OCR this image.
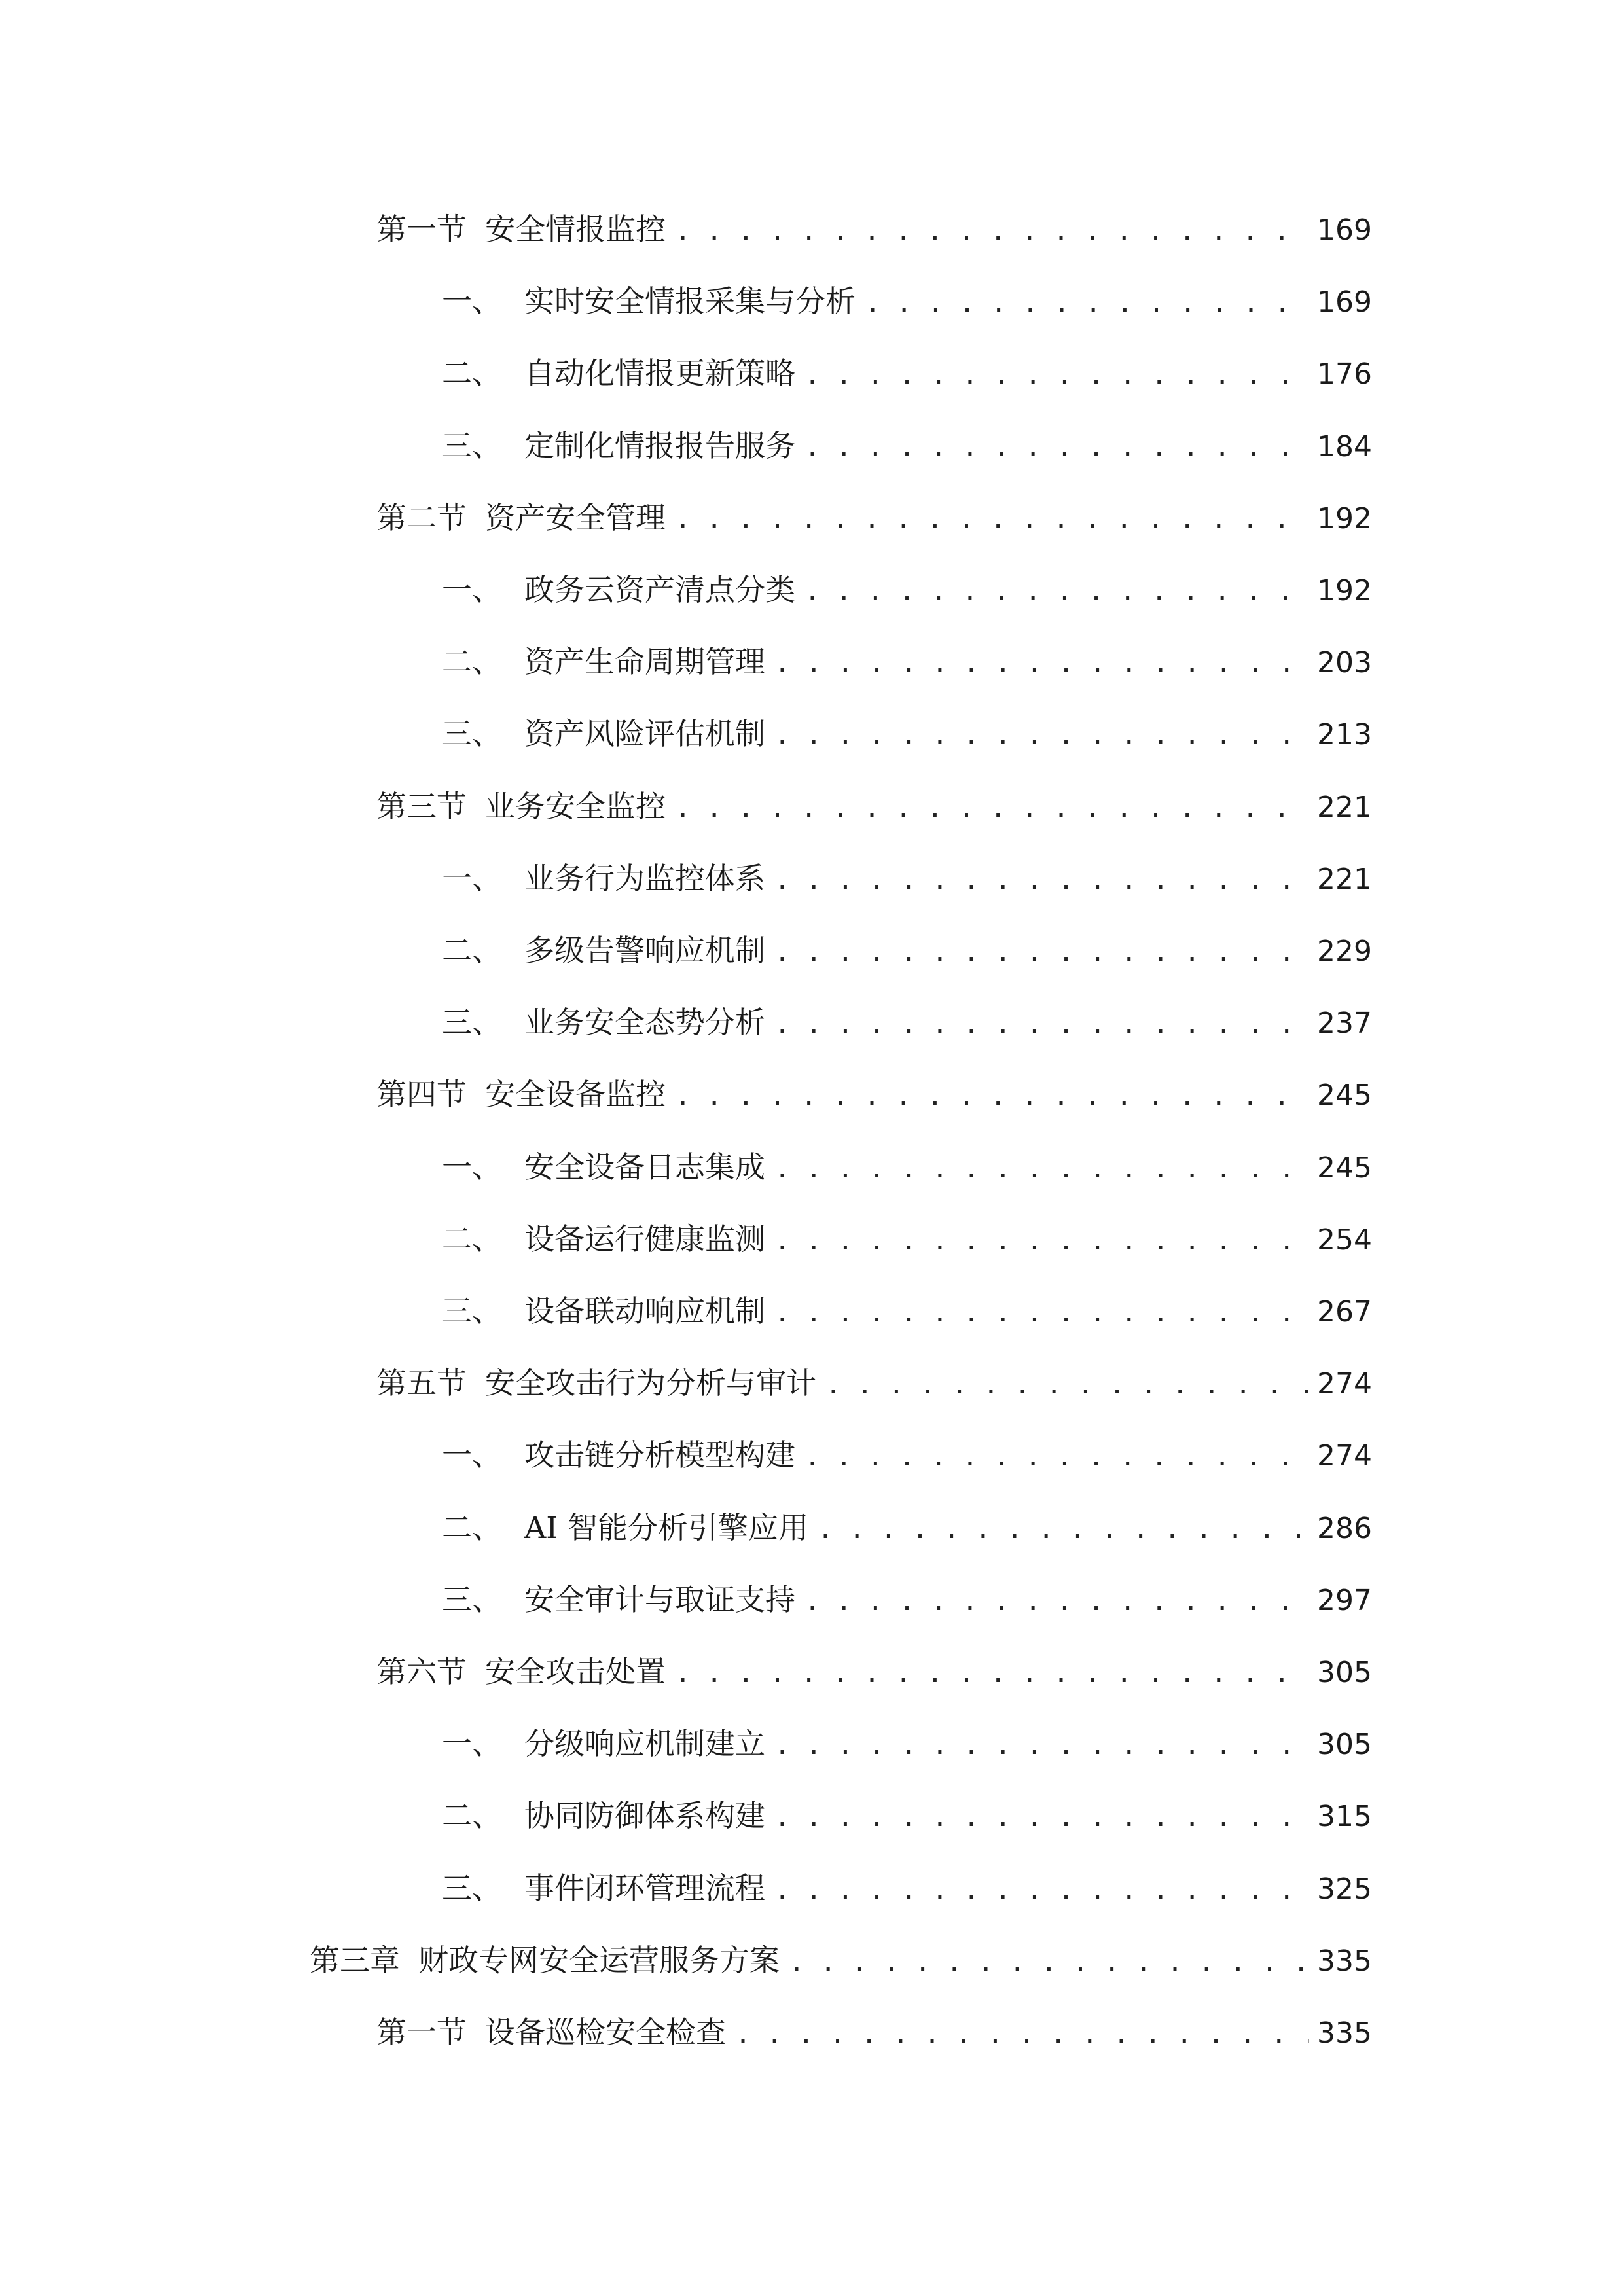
第一节 安全情报监控 . . .	169
一、 实时安全情报采集与分析 . . .	169
二、 自动化情报更新策略 . . .	176
三、 定制化情报报告服务 . . .	184
第二节 资产安全管理 . . .	192
一、 政务云资产清点分类 . . .	192
二、 资产生命周期管理 . . .	203
三、 资产风险评估机制 . . .	213
第三节 业务安全监控 . . .	221
一、 业务行为监控体系 . . .	221
二、 多级告警响应机制 . . .	229
三、 业务安全态势分析 . . .	237
第四节 安全设备监控 . . .	245
一、 安全设备日志集成 . . .	245
二、 设备运行健康监测 . . .	254
三、 设备联动响应机制 . . .	267
第五节 安全攻击行为分析与审计 . . .	274
一、 攻击链分析模型构建 . . .	274
二、 AI 智能分析引擎应用 . . .	286
三、 安全审计与取证支持 . . .	297
第六节 安全攻击处置 . . .	305
一、 分级响应机制建立 . . .	305
二、 协同防御体系构建 . . .	315
三、 事件闭环管理流程 . . .	325
第三章 财政专网安全运营服务方案 . . .	335
第一节 设备巡检安全检查 . . .	335
